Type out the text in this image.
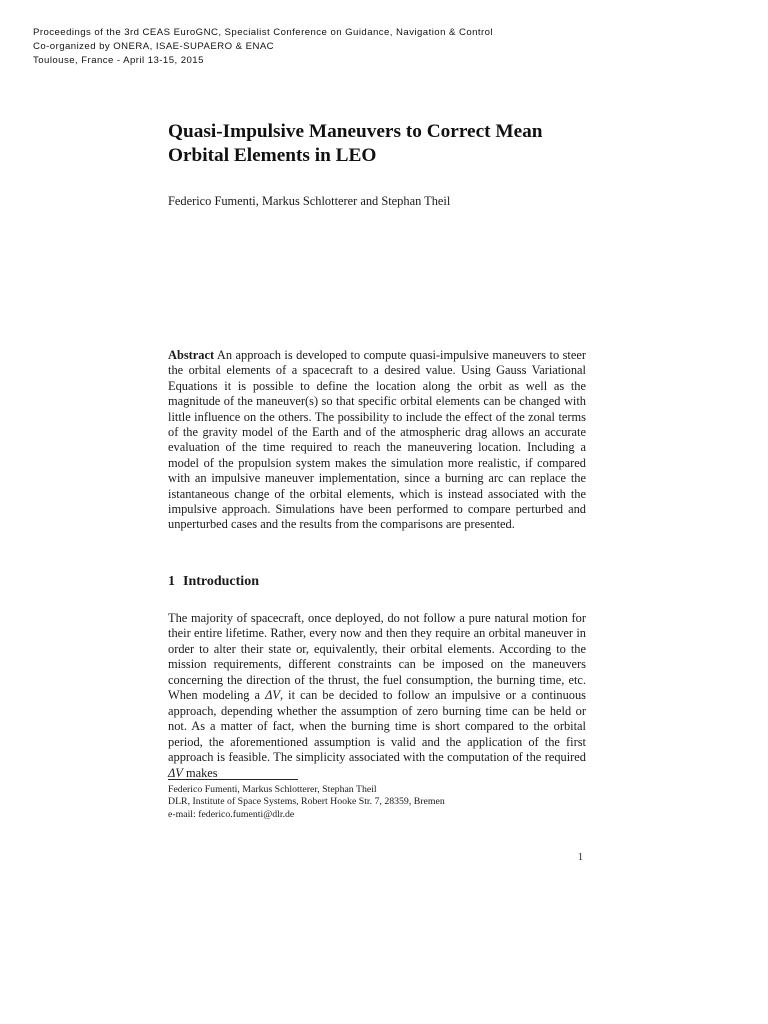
Proceedings of the 3rd CEAS EuroGNC, Specialist Conference on Guidance, Navigation & Control
Co-organized by ONERA, ISAE-SUPAERO & ENAC
Toulouse, France - April 13-15, 2015
Quasi-Impulsive Maneuvers to Correct Mean
Orbital Elements in LEO
Federico Fumenti, Markus Schlotterer and Stephan Theil

Abstract An approach is developed to compute quasi-impulsive maneuvers to steer the orbital elements of a spacecraft to a desired value. Using Gauss Variational Equations it is possible to define the location along the orbit as well as the magnitude of the maneuver(s) so that specific orbital elements can be changed with little influence on the others. The possibility to include the effect of the zonal terms of the gravity model of the Earth and of the atmospheric drag allows an accurate evaluation of the time required to reach the maneuvering location. Including a model of the propulsion system makes the simulation more realistic, if compared with an impulsive maneuver implementation, since a burning arc can replace the istantaneous change of the orbital elements, which is instead associated with the impulsive approach. Simulations have been performed to compare perturbed and unperturbed cases and the results from the comparisons are presented.

1 Introduction

The majority of spacecraft, once deployed, do not follow a pure natural motion for their entire lifetime. Rather, every now and then they require an orbital maneuver in order to alter their state or, equivalently, their orbital elements. According to the mission requirements, different constraints can be imposed on the maneuvers concerning the direction of the thrust, the fuel consumption, the burning time, etc. When modeling a ΔV, it can be decided to follow an impulsive or a continuous approach, depending whether the assumption of zero burning time can be held or not. As a matter of fact, when the burning time is short compared to the orbital period, the aforementioned assumption is valid and the application of the first approach is feasible. The simplicity associated with the computation of the required ΔV makes

Federico Fumenti, Markus Schlotterer, Stephan Theil
DLR, Institute of Space Systems, Robert Hooke Str. 7, 28359, Bremen
e-mail: federico.fumenti@dlr.de
1
